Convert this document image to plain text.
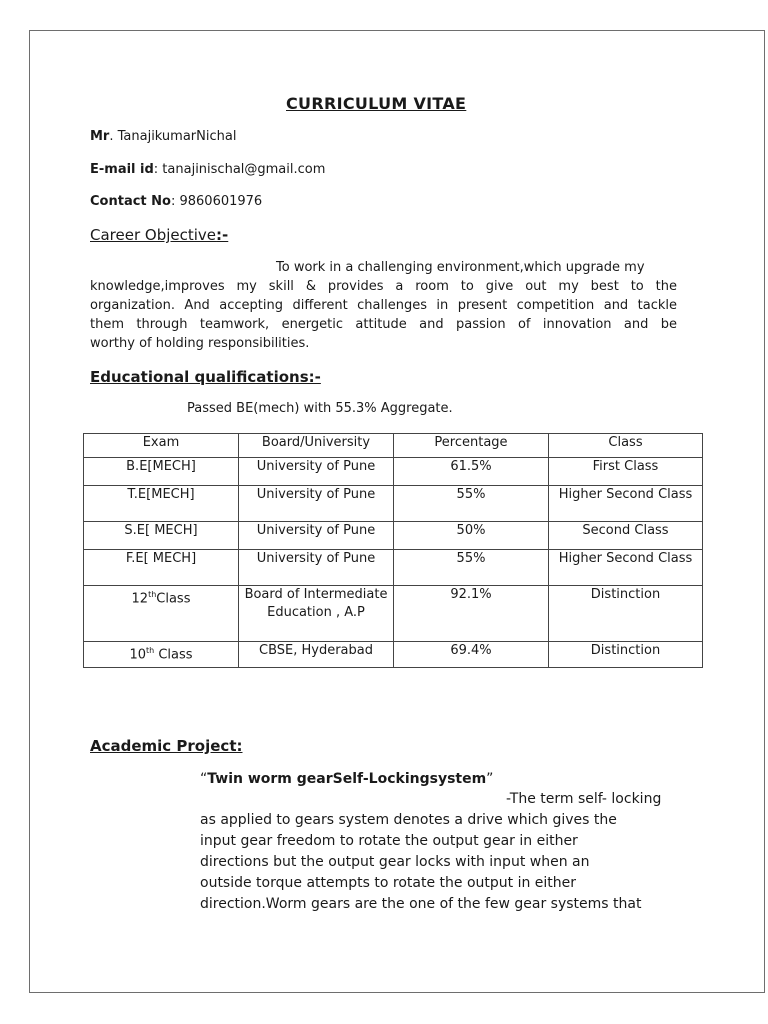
CURRICULUM VITAE
Mr. TanajikumarNichal
E-mail id: tanajinischal@gmail.com
Contact No: 9860601976
Career Objective:-
To work in a challenging environment,which upgrade my
knowledge,improves my skill & provides a room to give out my best to the
organization. And accepting different challenges in present competition and tackle
them through teamwork, energetic attitude and passion of innovation and be
worthy of holding responsibilities.
Educational qualifications:-
Passed BE(mech) with 55.3% Aggregate.
Exam	Board/University	Percentage	Class
B.E[MECH]	University of Pune	61.5%	First Class
T.E[MECH]	University of Pune	55%	Higher Second Class
S.E[ MECH]	University of Pune	50%	Second Class
F.E[ MECH]	University of Pune	55%	Higher Second Class
12thClass	Board of Intermediate Education , A.P	92.1%	Distinction
10th Class	CBSE, Hyderabad	69.4%	Distinction
Academic Project:
“Twin worm gearSelf-Lockingsystem”
-The term self- locking
as applied to gears system denotes a drive which gives the
input gear freedom to rotate the output gear in either
directions but the output gear locks with input when an
outside torque attempts to rotate the output in either
direction.Worm gears are the one of the few gear systems that
